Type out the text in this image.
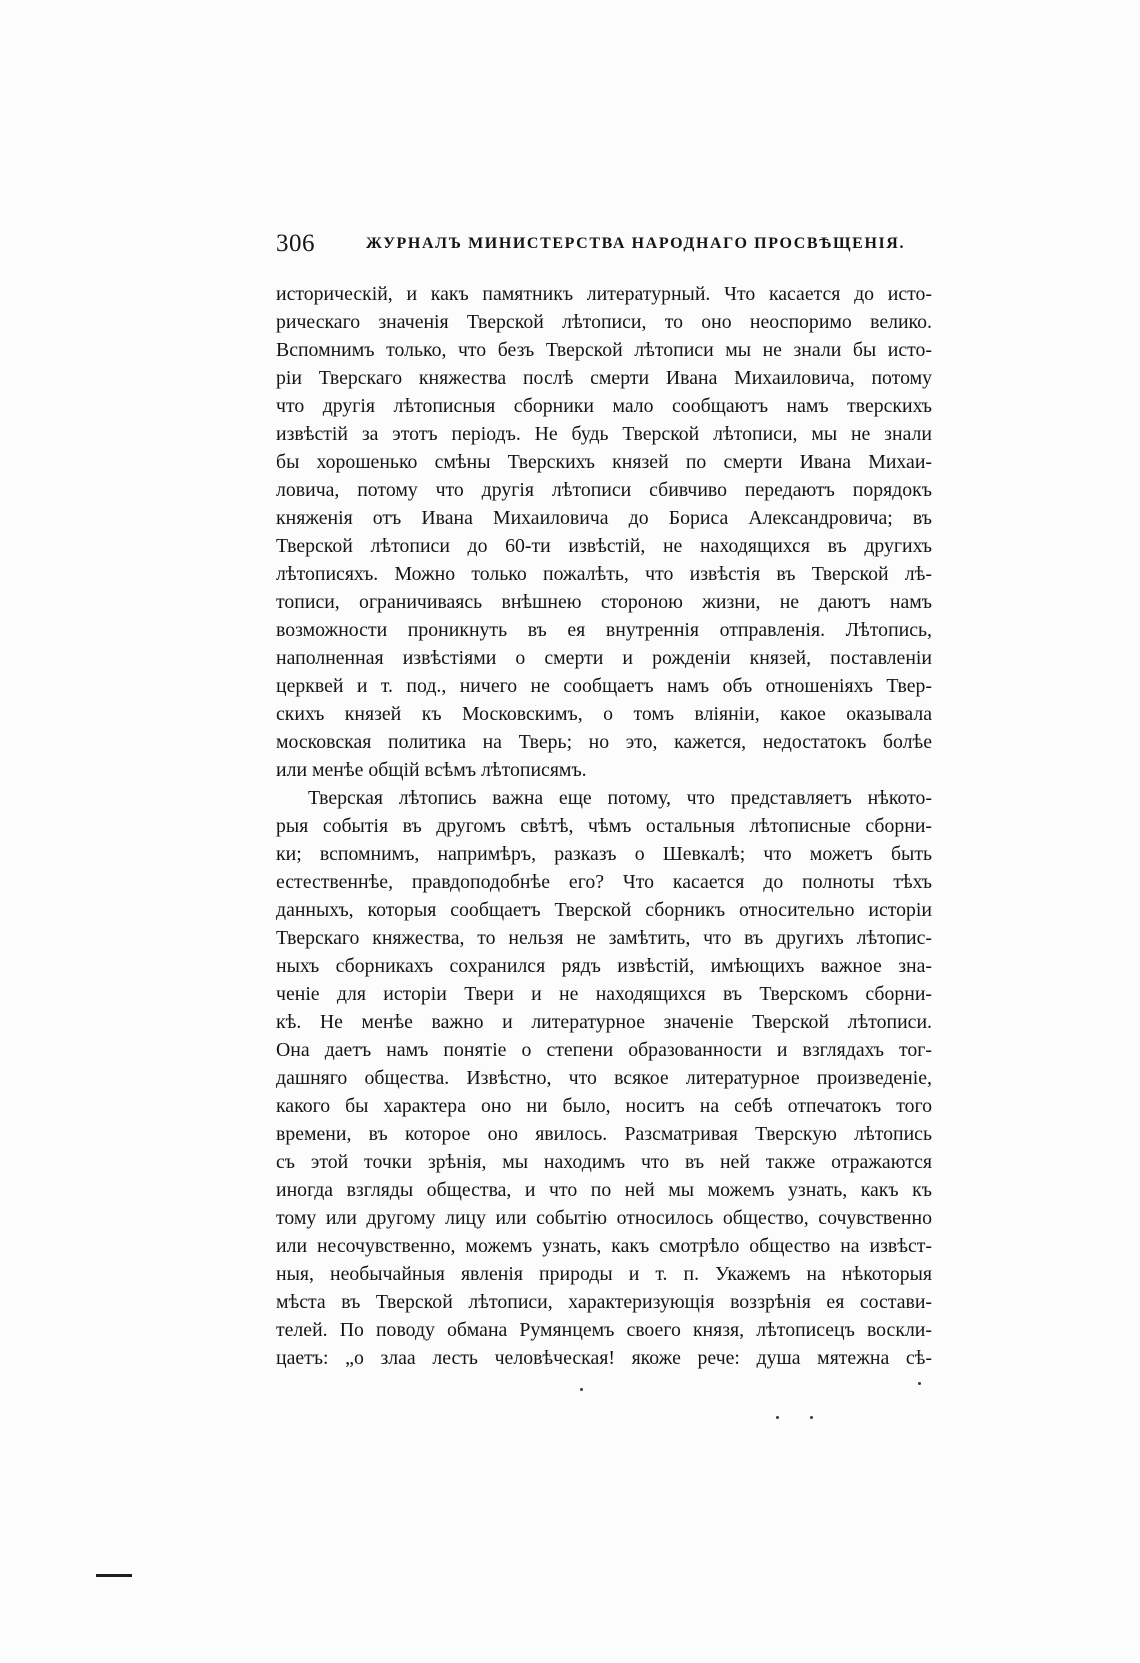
306	ЖУРНАЛЪ МИНИСТЕРСТВА НАРОДНАГО ПРОСВѢЩЕНІЯ.
историческій, и какъ памятникъ литературный. Что касается до исто-
рическаго значенія Тверской лѣтописи, то оно неоспоримо велико.
Вспомнимъ только, что безъ Тверской лѣтописи мы не знали бы исто-
ріи Тверскаго княжества послѣ смерти Ивана Михаиловича, потому
что другія лѣтописныя сборники мало сообщаютъ намъ тверскихъ
извѣстій за этотъ періодъ. Не будь Тверской лѣтописи, мы не знали
бы хорошенько смѣны Тверскихъ князей по смерти Ивана Михаи-
ловича, потому что другія лѣтописи сбивчиво передаютъ порядокъ
княженія отъ Ивана Михаиловича до Бориса Александровича; въ
Тверской лѣтописи до 60-ти извѣстій, не находящихся въ другихъ
лѣтописяхъ. Можно только пожалѣть, что извѣстія въ Тверской лѣ-
тописи, ограничиваясь внѣшнею стороною жизни, не даютъ намъ
возможности проникнуть въ ея внутреннія отправленія. Лѣтопись,
наполненная извѣстіями о смерти и рожденіи князей, поставленіи
церквей и т. под., ничего не сообщаетъ намъ объ отношеніяхъ Твер-
скихъ князей къ Московскимъ, о томъ вліяніи, какое оказывала
московская политика на Тверь; но это, кажется, недостатокъ болѣе
или менѣе общій всѣмъ лѣтописямъ.
Тверская лѣтопись важна еще потому, что представляетъ нѣкото-
рыя событія въ другомъ свѣтѣ, чѣмъ остальныя лѣтописные сборни-
ки; вспомнимъ, напримѣръ, разказъ о Шевкалѣ; что можетъ быть
естественнѣе, правдоподобнѣе его? Что касается до полноты тѣхъ
данныхъ, которыя сообщаетъ Тверской сборникъ относительно исторіи
Тверскаго княжества, то нельзя не замѣтить, что въ другихъ лѣтопис-
ныхъ сборникахъ сохранился рядъ извѣстій, имѣющихъ важное зна-
ченіе для исторіи Твери и не находящихся въ Тверскомъ сборни-
кѣ. Не менѣе важно и литературное значеніе Тверской лѣтописи.
Она даетъ намъ понятіе о степени образованности и взглядахъ тог-
дашняго общества. Извѣстно, что всякое литературное произведеніе,
какого бы характера оно ни было, носитъ на себѣ отпечатокъ того
времени, въ которое оно явилось. Разсматривая Тверскую лѣтопись
съ этой точки зрѣнія, мы находимъ что въ ней также отражаются
иногда взгляды общества, и что по ней мы можемъ узнать, какъ къ
тому или другому лицу или событію относилось общество, сочувственно
или несочувственно, можемъ узнать, какъ смотрѣло общество на извѣст-
ныя, необычайныя явленія природы и т. п. Укажемъ на нѣкоторыя
мѣста въ Тверской лѣтописи, характеризующія воззрѣнія ея состави-
телей. По поводу обмана Румянцемъ своего князя, лѣтописецъ воскли-
цаетъ: „о злаа лесть человѣческая! якоже рече: душа мятежна сѣ-
